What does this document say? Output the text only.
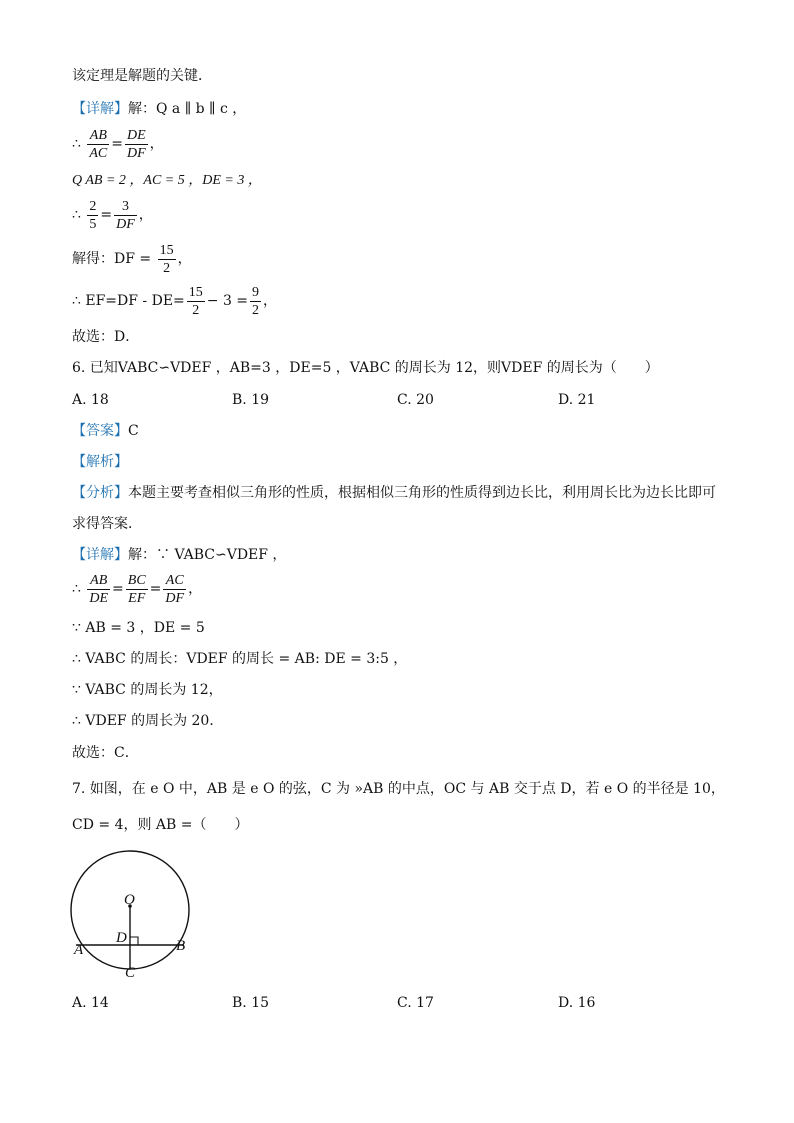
该定理是解题的关键．
【详解】解：Q a ∥ b ∥ c ，
∴ $\frac{AB}{AC} = \frac{DE}{DF}$ ，
Q AB = 2 ，AC = 5 ，DE = 3 ，
∴ $\frac{2}{5} = \frac{3}{DF}$ ，
解得：DF = $\frac{15}{2}$ ，
∴ $EF=DF - DE= \frac{15}{2} - 3 = \frac{9}{2}$ ，
故选：D．
6. 已知VABC∽VDEF ，AB=3 ，DE=5 ，VABC 的周长为 12，则VDEF 的周长为（　　）
A. 18	B. 19	C. 20	D. 21
【答案】C
【解析】
【分析】本题主要考查相似三角形的性质，根据相似三角形的性质得到边长比，利用周长比为边长比即可
求得答案．
【详解】解：∵ VABC∽VDEF ，
∴ $\frac{AB}{DE} = \frac{BC}{EF} = \frac{AC}{DF}$ ，
∵ AB = 3 ，DE = 5
∴ VABC 的周长：VDEF 的周长 = AB: DE = 3:5 ，
∵ VABC 的周长为 12，
∴ VDEF 的周长为 20．
故选：C．
7. 如图，在 e O 中，AB 是 e O 的弦，C 为 »AB 的中点，OC 与 AB 交于点 D，若 e O 的半径是 10，
CD = 4，则 AB =（　　）
O
D
A	B
C
A. 14	B. 15	C. 17	D. 16
